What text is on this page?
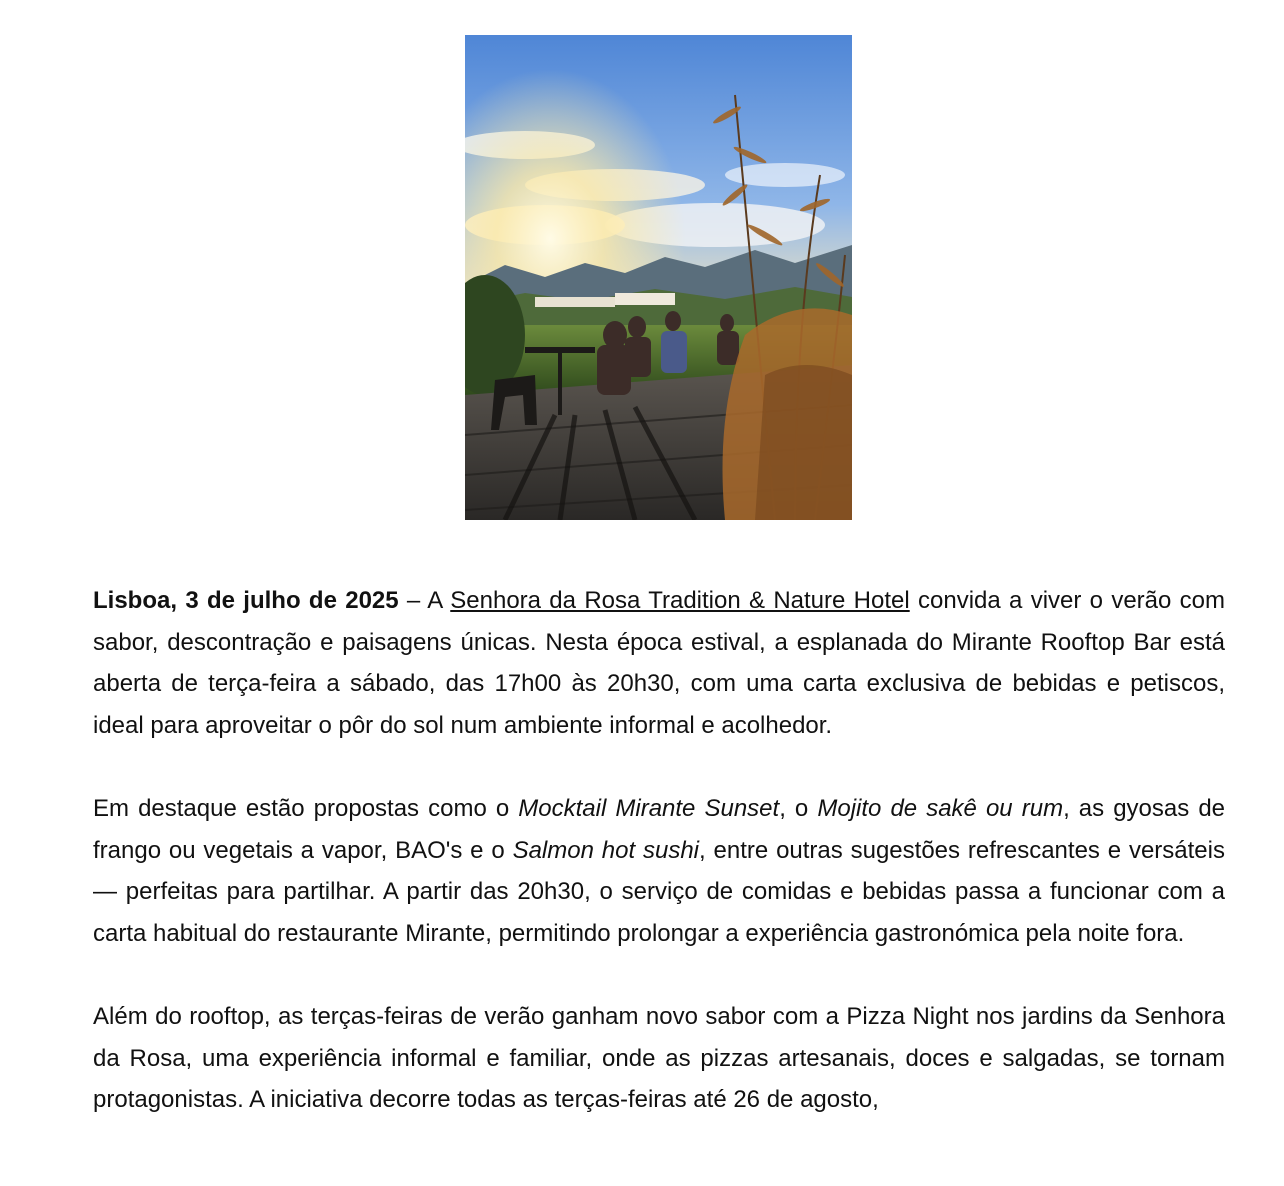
Lisboa, 3 de julho de 2025 – A Senhora da Rosa Tradition & Nature Hotel convida a viver o verão com sabor, descontração e paisagens únicas. Nesta época estival, a esplanada do Mirante Rooftop Bar está aberta de terça-feira a sábado, das 17h00 às 20h30, com uma carta exclusiva de bebidas e petiscos, ideal para aproveitar o pôr do sol num ambiente informal e acolhedor.

Em destaque estão propostas como o Mocktail Mirante Sunset, o Mojito de sakê ou rum, as gyosas de frango ou vegetais a vapor, BAO's e o Salmon hot sushi, entre outras sugestões refrescantes e versáteis — perfeitas para partilhar. A partir das 20h30, o serviço de comidas e bebidas passa a funcionar com a carta habitual do restaurante Mirante, permitindo prolongar a experiência gastronómica pela noite fora.

Além do rooftop, as terças-feiras de verão ganham novo sabor com a Pizza Night nos jardins da Senhora da Rosa, uma experiência informal e familiar, onde as pizzas artesanais, doces e salgadas, se tornam protagonistas. A iniciativa decorre todas as terças-feiras até 26 de agosto,
